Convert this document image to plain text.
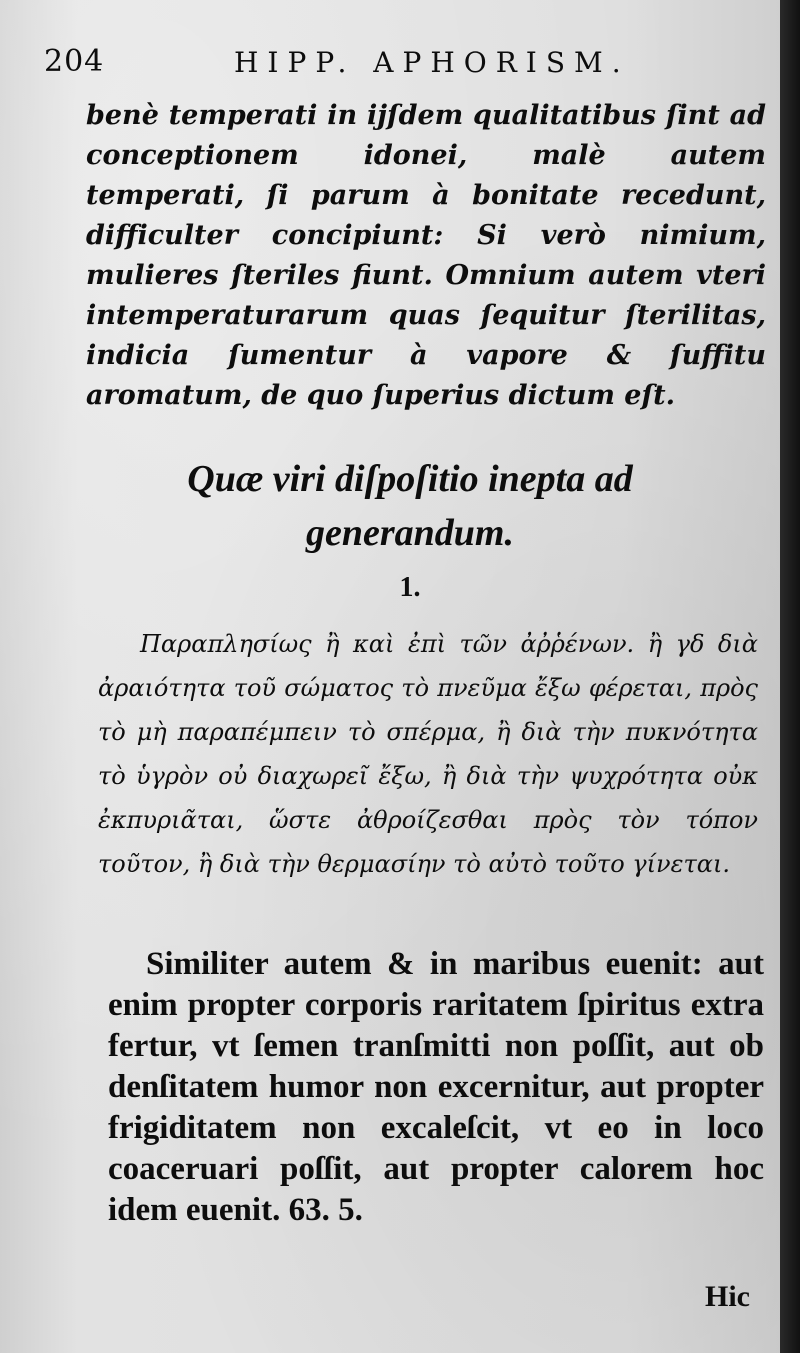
204	HIPP. APHORISM.

benè temperati in ijſdem qualitatibus ſint ad conceptionem idonei, malè autem temperati, ſi parum à bonitate recedunt, difficulter concipiunt: Si verò nimium, mulieres ſteriles fiunt. Omnium autem vteri intemperaturarum quas ſequitur ſterilitas, indicia ſumentur à vapore & ſuffitu aromatum, de quo ſuperius dictum eſt.

Quæ viri diſpoſitio inepta ad
generandum.
1.

Παραπλησίως ἢ καὶ ἐπὶ τῶν ἀῤῥένων. ἢ γδ διὰ ἀραιότητα τοῦ σώματος τὸ πνεῦμα ἔξω φέρεται, πρὸς τὸ μὴ παραπέμπειν τὸ σπέρμα, ἢ διὰ τὴν πυκνότητα τὸ ὑγρὸν οὐ διαχωρεῖ ἔξω, ἢ διὰ τὴν ψυχρότητα οὐκ ἐκπυριᾶται, ὥστε ἀθροίζεσθαι πρὸς τὸν τόπον τοῦτον, ἢ διὰ τὴν θερμασίην τὸ αὐτὸ τοῦτο γίνεται.

Similiter autem & in maribus euenit: aut enim propter corporis raritatem ſpiritus extra fertur, vt ſemen tranſmitti non poſſit, aut ob denſitatem humor non excernitur, aut propter frigiditatem non excaleſcit, vt eo in loco coaceruari poſſit, aut propter calorem hoc idem euenit. 63. 5.

Hic
